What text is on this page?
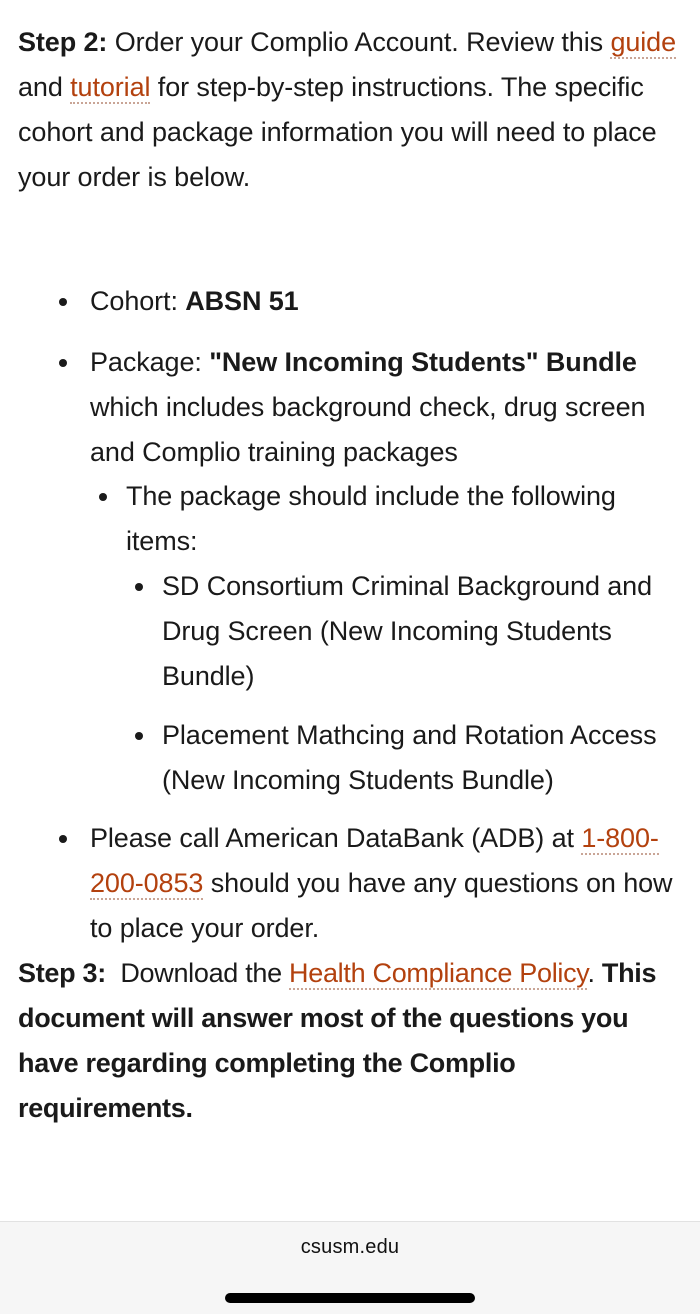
Step 2: Order your Complio Account. Review this guide and tutorial for step-by-step instructions. The specific cohort and package information you will need to place your order is below.

Cohort: ABSN 51
Package: "New Incoming Students" Bundle which includes background check, drug screen and Complio training packages
The package should include the following items:
SD Consortium Criminal Background and Drug Screen (New Incoming Students Bundle)
Placement Mathcing and Rotation Access (New Incoming Students Bundle)
Please call American DataBank (ADB) at 1-800-200-0853 should you have any questions on how to place your order.

Step 3:  Download the Health Compliance Policy. This document will answer most of the questions you have regarding completing the Complio requirements.

csusm.edu
